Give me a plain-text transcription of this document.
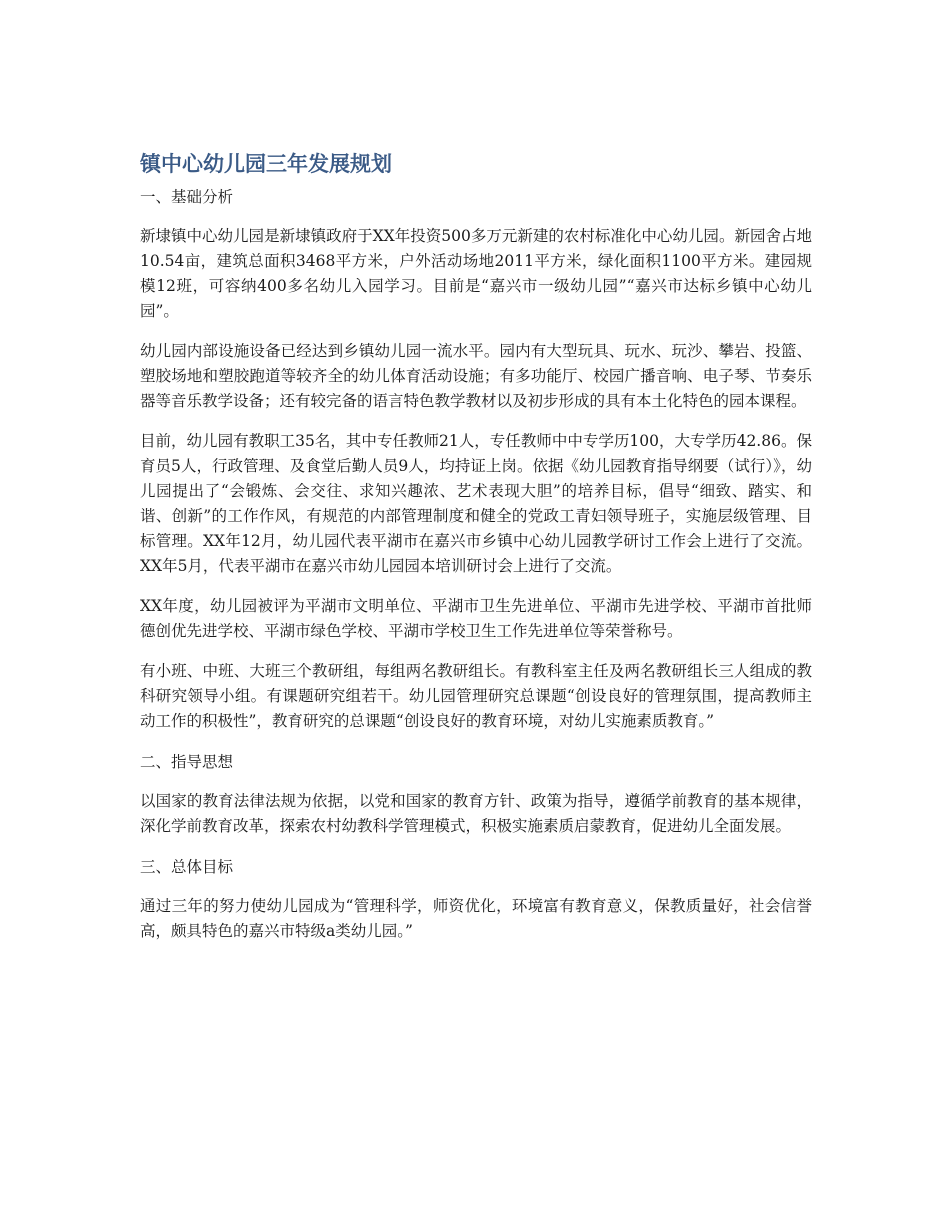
镇中心幼儿园三年发展规划
一、基础分析

新埭镇中心幼儿园是新埭镇政府于XX年投资500多万元新建的农村标准化中心幼儿园。新园舍占地10.54亩，建筑总面积3468平方米，户外活动场地2011平方米，绿化面积1100平方米。建园规模12班，可容纳400多名幼儿入园学习。目前是“嘉兴市一级幼儿园”“嘉兴市达标乡镇中心幼儿园”。

幼儿园内部设施设备已经达到乡镇幼儿园一流水平。园内有大型玩具、玩水、玩沙、攀岩、投篮、塑胶场地和塑胶跑道等较齐全的幼儿体育活动设施；有多功能厅、校园广播音响、电子琴、节奏乐器等音乐教学设备；还有较完备的语言特色教学教材以及初步形成的具有本土化特色的园本课程。

目前，幼儿园有教职工35名，其中专任教师21人，专任教师中中专学历100，大专学历42.86。保育员5人，行政管理、及食堂后勤人员9人，均持证上岗。依据《幼儿园教育指导纲要（试行）》，幼儿园提出了“会锻炼、会交往、求知兴趣浓、艺术表现大胆”的培养目标，倡导“细致、踏实、和谐、创新”的工作作风，有规范的内部管理制度和健全的党政工青妇领导班子，实施层级管理、目标管理。XX年12月，幼儿园代表平湖市在嘉兴市乡镇中心幼儿园教学研讨工作会上进行了交流。XX年5月，代表平湖市在嘉兴市幼儿园园本培训研讨会上进行了交流。

XX年度，幼儿园被评为平湖市文明单位、平湖市卫生先进单位、平湖市先进学校、平湖市首批师德创优先进学校、平湖市绿色学校、平湖市学校卫生工作先进单位等荣誉称号。

有小班、中班、大班三个教研组，每组两名教研组长。有教科室主任及两名教研组长三人组成的教科研究领导小组。有课题研究组若干。幼儿园管理研究总课题“创设良好的管理氛围，提高教师主动工作的积极性”，教育研究的总课题“创设良好的教育环境，对幼儿实施素质教育。”

二、指导思想

以国家的教育法律法规为依据，以党和国家的教育方针、政策为指导，遵循学前教育的基本规律，深化学前教育改革，探索农村幼教科学管理模式，积极实施素质启蒙教育，促进幼儿全面发展。

三、总体目标

通过三年的努力使幼儿园成为“管理科学，师资优化，环境富有教育意义，保教质量好，社会信誉高，颇具特色的嘉兴市特级a类幼儿园。”
